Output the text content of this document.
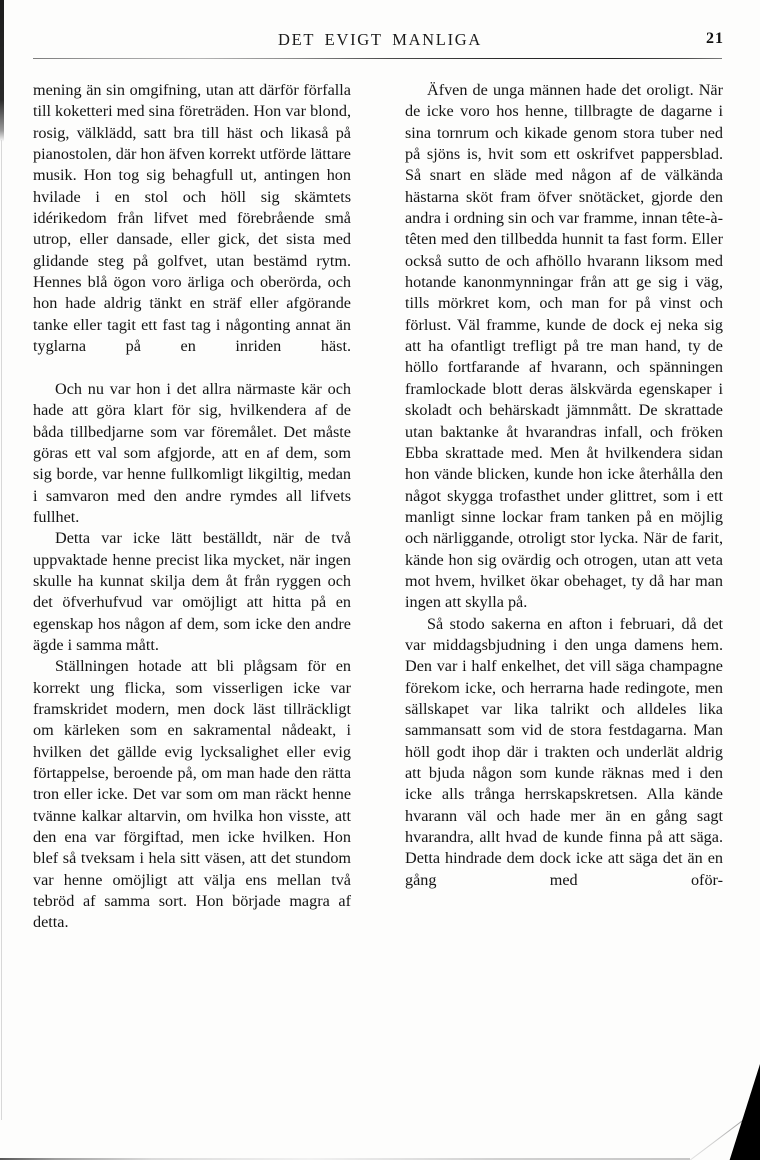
DET EVIGT MANLIGA	21

mening än sin omgifning, utan att därför förfalla till koketteri med sina företräden. Hon var blond, rosig, välklädd, satt bra till häst och likaså på pianostolen, där hon äfven korrekt utförde lättare musik. Hon tog sig behagfull ut, antingen hon hvilade i en stol och höll sig skämtets idérikedom från lifvet med förebrående små utrop, eller dansade, eller gick, det sista med glidande steg på golfvet, utan bestämd rytm. Hennes blå ögon voro ärliga och oberörda, och hon hade aldrig tänkt en sträf eller afgörande tanke eller tagit ett fast tag i någonting annat än tyglarna på en inriden häst.

Och nu var hon i det allra närmaste kär och hade att göra klart för sig, hvilkendera af de båda tillbedjarne som var föremålet. Det måste göras ett val som afgjorde, att en af dem, som sig borde, var henne fullkomligt likgiltig, medan i samvaron med den andre rymdes all lifvets fullhet.

Detta var icke lätt beställdt, när de två uppvaktade henne precist lika mycket, när ingen skulle ha kunnat skilja dem åt från ryggen och det öfverhufvud var omöjligt att hitta på en egenskap hos någon af dem, som icke den andre ägde i samma mått.

Ställningen hotade att bli plågsam för en korrekt ung flicka, som visserligen icke var framskridet modern, men dock läst tillräckligt om kärleken som en sakramental nådeakt, i hvilken det gällde evig lycksalighet eller evig förtappelse, beroende på, om man hade den rätta tron eller icke. Det var som om man räckt henne tvänne kalkar altarvin, om hvilka hon visste, att den ena var förgiftad, men icke hvilken. Hon blef så tveksam i hela sitt väsen, att det stundom var henne omöjligt att välja ens mellan två tebröd af samma sort. Hon började magra af detta.

Äfven de unga männen hade det oroligt. När de icke voro hos henne, tillbragte de dagarne i sina tornrum och kikade genom stora tuber ned på sjöns is, hvit som ett oskrifvet pappersblad. Så snart en släde med någon af de välkända hästarna sköt fram öfver snötäcket, gjorde den andra i ordning sin och var framme, innan tête-à-têten med den tillbedda hunnit ta fast form. Eller också sutto de och afhöllo hvarann liksom med hotande kanonmynningar från att ge sig i väg, tills mörkret kom, och man for på vinst och förlust. Väl framme, kunde de dock ej neka sig att ha ofantligt trefligt på tre man hand, ty de höllo fortfarande af hvarann, och spänningen framlockade blott deras älskvärda egenskaper i skoladt och behärskadt jämnmått. De skrattade utan baktanke åt hvarandras infall, och fröken Ebba skrattade med. Men åt hvilkendera sidan hon vände blicken, kunde hon icke återhålla den något skygga trofasthet under glittret, som i ett manligt sinne lockar fram tanken på en möjlig och närliggande, otroligt stor lycka. När de farit, kände hon sig ovärdig och otrogen, utan att veta mot hvem, hvilket ökar obehaget, ty då har man ingen att skylla på.

Så stodo sakerna en afton i februari, då det var middagsbjudning i den unga damens hem. Den var i half enkelhet, det vill säga champagne förekom icke, och herrarna hade redingote, men sällskapet var lika talrikt och alldeles lika sammansatt som vid de stora festdagarna. Man höll godt ihop där i trakten och underlät aldrig att bjuda någon som kunde räknas med i den icke alls trånga herrskapskretsen. Alla kände hvarann väl och hade mer än en gång sagt hvarandra, allt hvad de kunde finna på att säga. Detta hindrade dem dock icke att säga det än en gång med oför-
